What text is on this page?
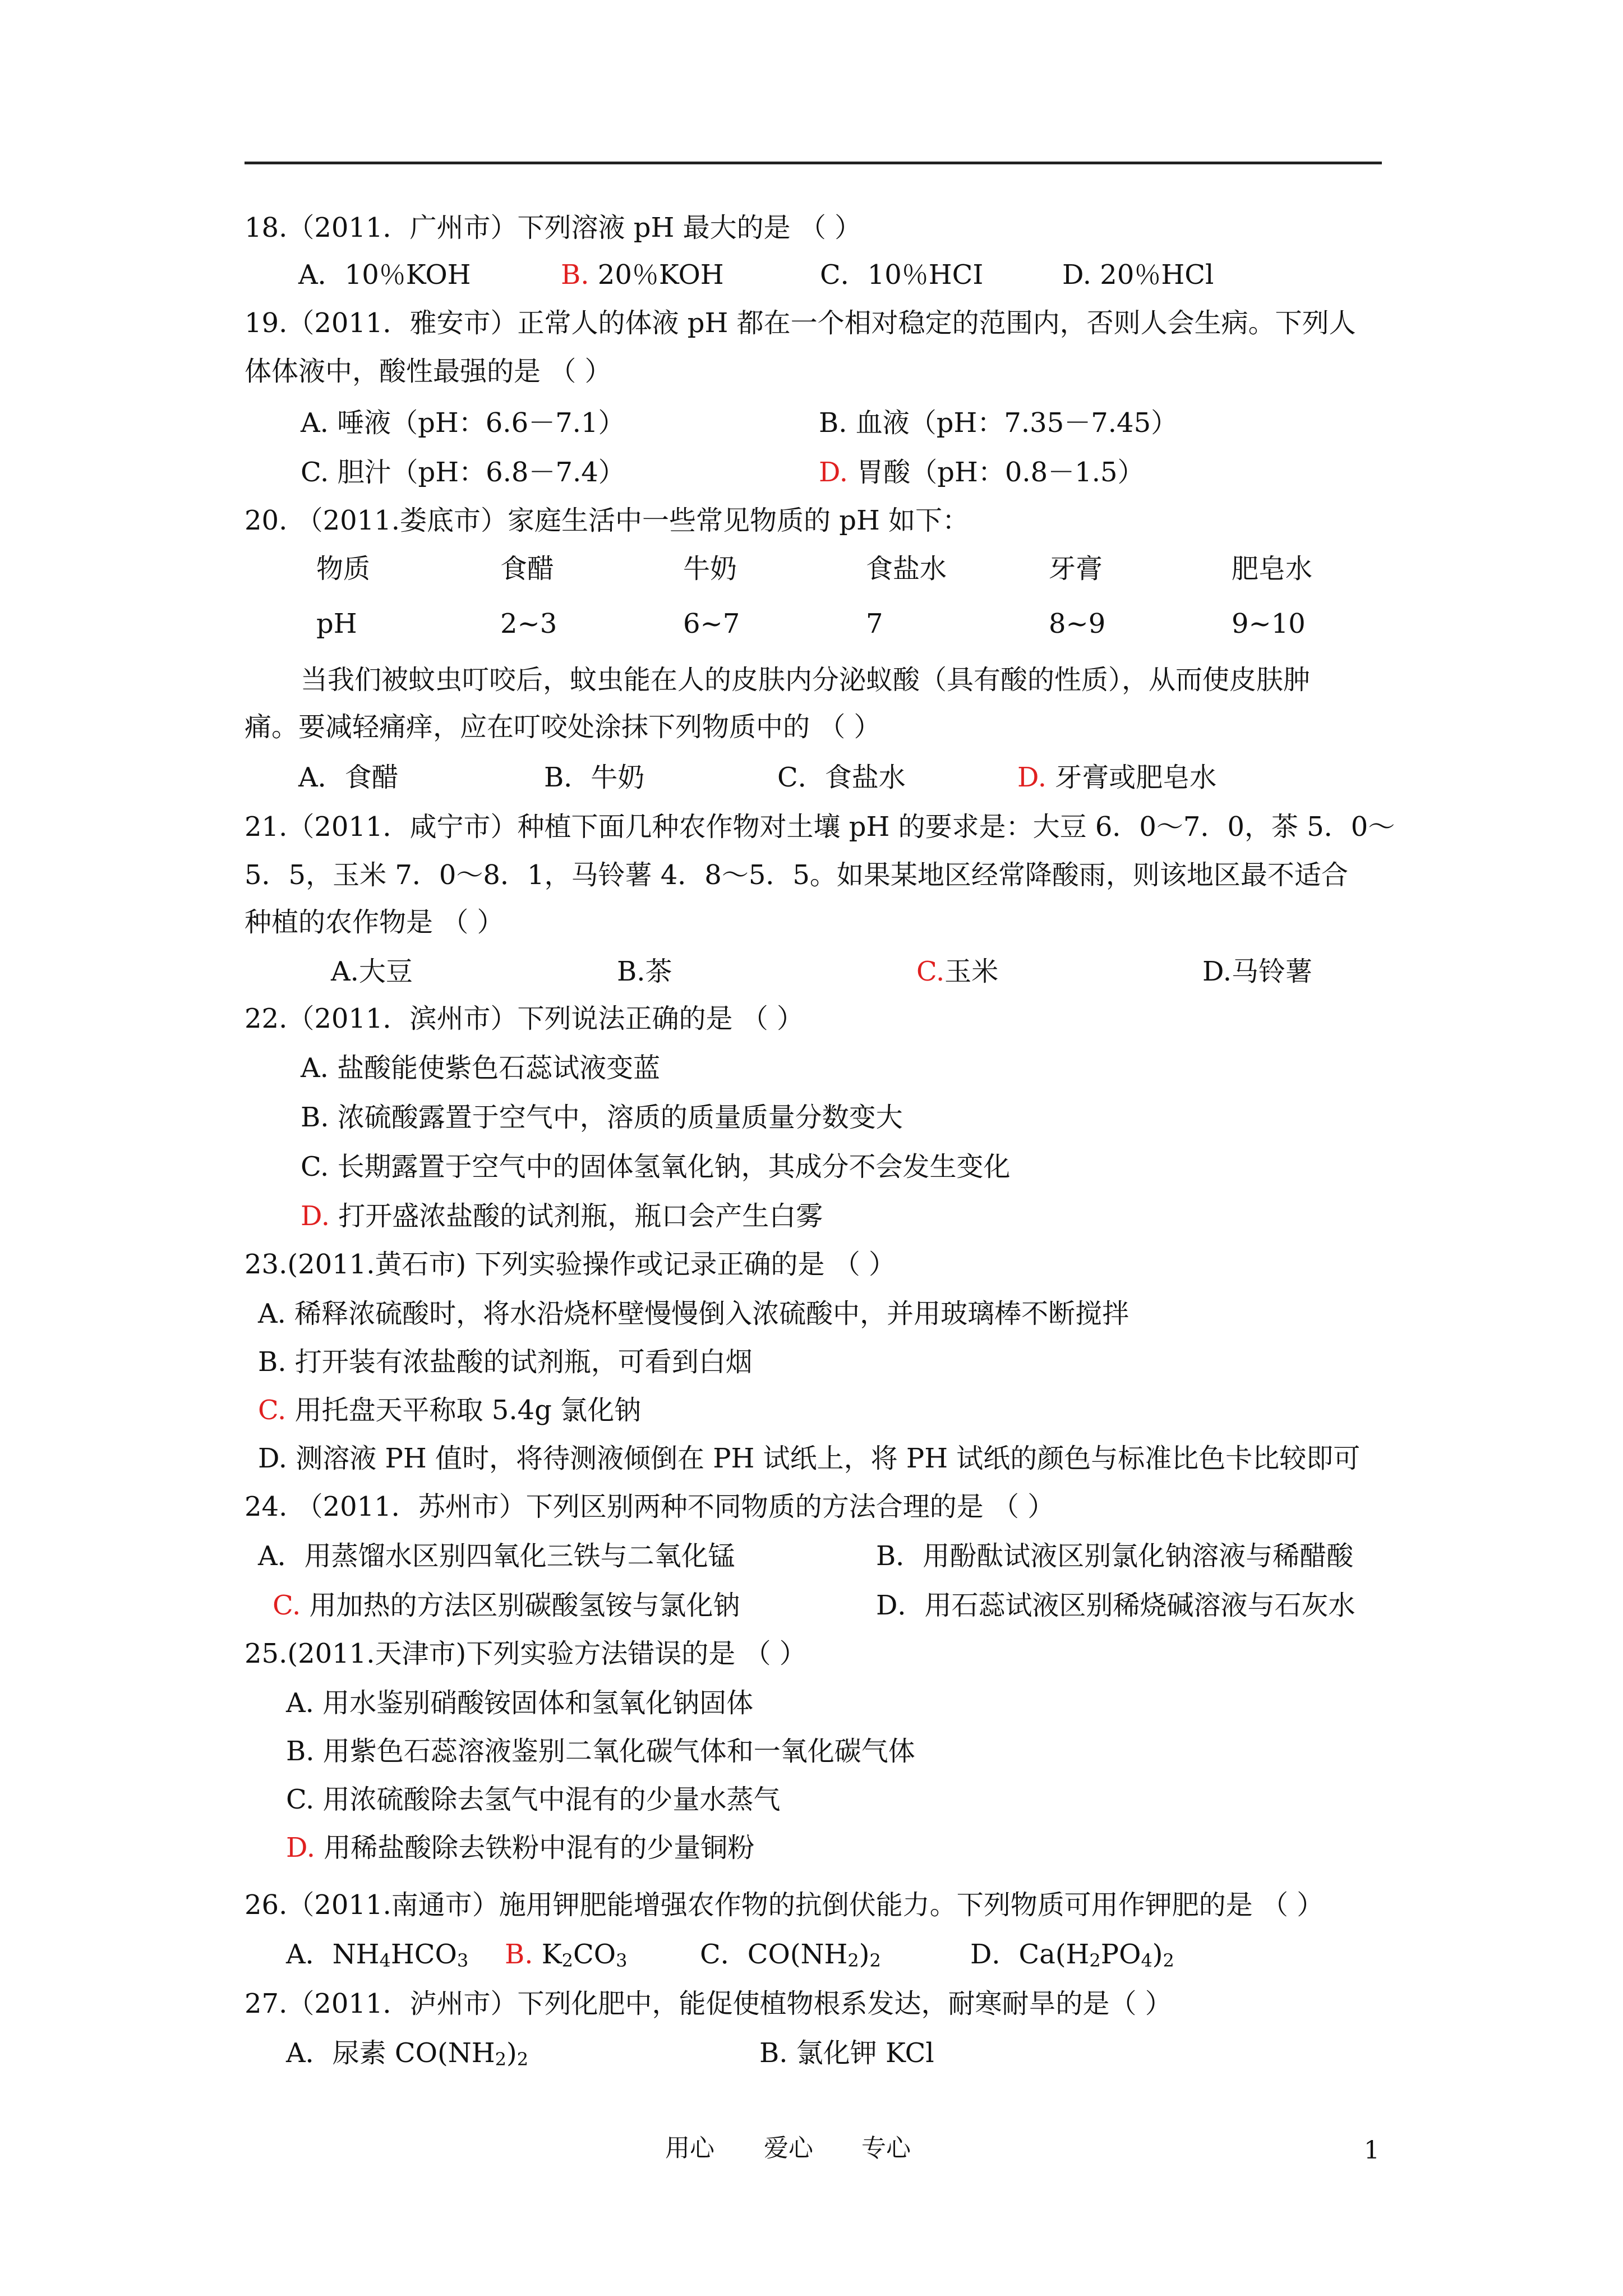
18.（2011．广州市）下列溶液 pH 最大的是 （ ）
A．10％KOH	B. 20％KOH	C．10％HCI	D. 20％HCl
19.（2011．雅安市）正常人的体液 pH 都在一个相对稳定的范围内，否则人会生病。下列人
体体液中，酸性最强的是 （ ）
A. 唾液（pH：6.6－7.1）	B. 血液（pH：7.35－7.45）
C. 胆汁（pH：6.8－7.4）	D. 胃酸（pH：0.8－1.5）
20. （2011.娄底市）家庭生活中一些常见物质的 pH 如下：
物质	食醋	牛奶	食盐水	牙膏	肥皂水
pH	2~3	6~7	7	8~9	9~10
当我们被蚊虫叮咬后，蚊虫能在人的皮肤内分泌蚁酸（具有酸的性质），从而使皮肤肿
痛。要减轻痛痒，应在叮咬处涂抹下列物质中的 （ ）
A．食醋	B．牛奶	C．食盐水	D. 牙膏或肥皂水
21.（2011．咸宁市）种植下面几种农作物对土壤 pH 的要求是：大豆 6．0～7．0，茶 5．0～
5．5，玉米 7．0～8．1，马铃薯 4．8～5．5。如果某地区经常降酸雨，则该地区最不适合
种植的农作物是 （ ）
A.大豆	B.茶	C.玉米	D.马铃薯
22.（2011．滨州市）下列说法正确的是 （ ）
A. 盐酸能使紫色石蕊试液变蓝
B. 浓硫酸露置于空气中，溶质的质量质量分数变大
C. 长期露置于空气中的固体氢氧化钠，其成分不会发生变化
D. 打开盛浓盐酸的试剂瓶，瓶口会产生白雾
23.(2011.黄石市) 下列实验操作或记录正确的是 （ ）
A. 稀释浓硫酸时，将水沿烧杯壁慢慢倒入浓硫酸中，并用玻璃棒不断搅拌
B. 打开装有浓盐酸的试剂瓶，可看到白烟
C. 用托盘天平称取 5.4g 氯化钠
D. 测溶液 PH 值时，将待测液倾倒在 PH 试纸上，将 PH 试纸的颜色与标准比色卡比较即可
24. （2011．苏州市）下列区别两种不同物质的方法合理的是 （ ）
A．用蒸馏水区别四氧化三铁与二氧化锰	B．用酚酞试液区别氯化钠溶液与稀醋酸
C. 用加热的方法区别碳酸氢铵与氯化钠	D．用石蕊试液区别稀烧碱溶液与石灰水
25.(2011.天津市)下列实验方法错误的是 （ ）
A. 用水鉴别硝酸铵固体和氢氧化钠固体
B. 用紫色石蕊溶液鉴别二氧化碳气体和一氧化碳气体
C. 用浓硫酸除去氢气中混有的少量水蒸气
D. 用稀盐酸除去铁粉中混有的少量铜粉
26.（2011.南通市）施用钾肥能增强农作物的抗倒伏能力。下列物质可用作钾肥的是 （ ）
A．$NH_4HCO_3$ B. $K_2CO_3$	C．$CO(NH_2)_2$	D．$Ca(H_2PO_4)_2$
27.（2011．泸州市）下列化肥中，能促使植物根系发达，耐寒耐旱的是（ ）
A．尿素 $CO(NH_2)_2$	B. 氯化钾 KCl
用心 爱心 专心	1
